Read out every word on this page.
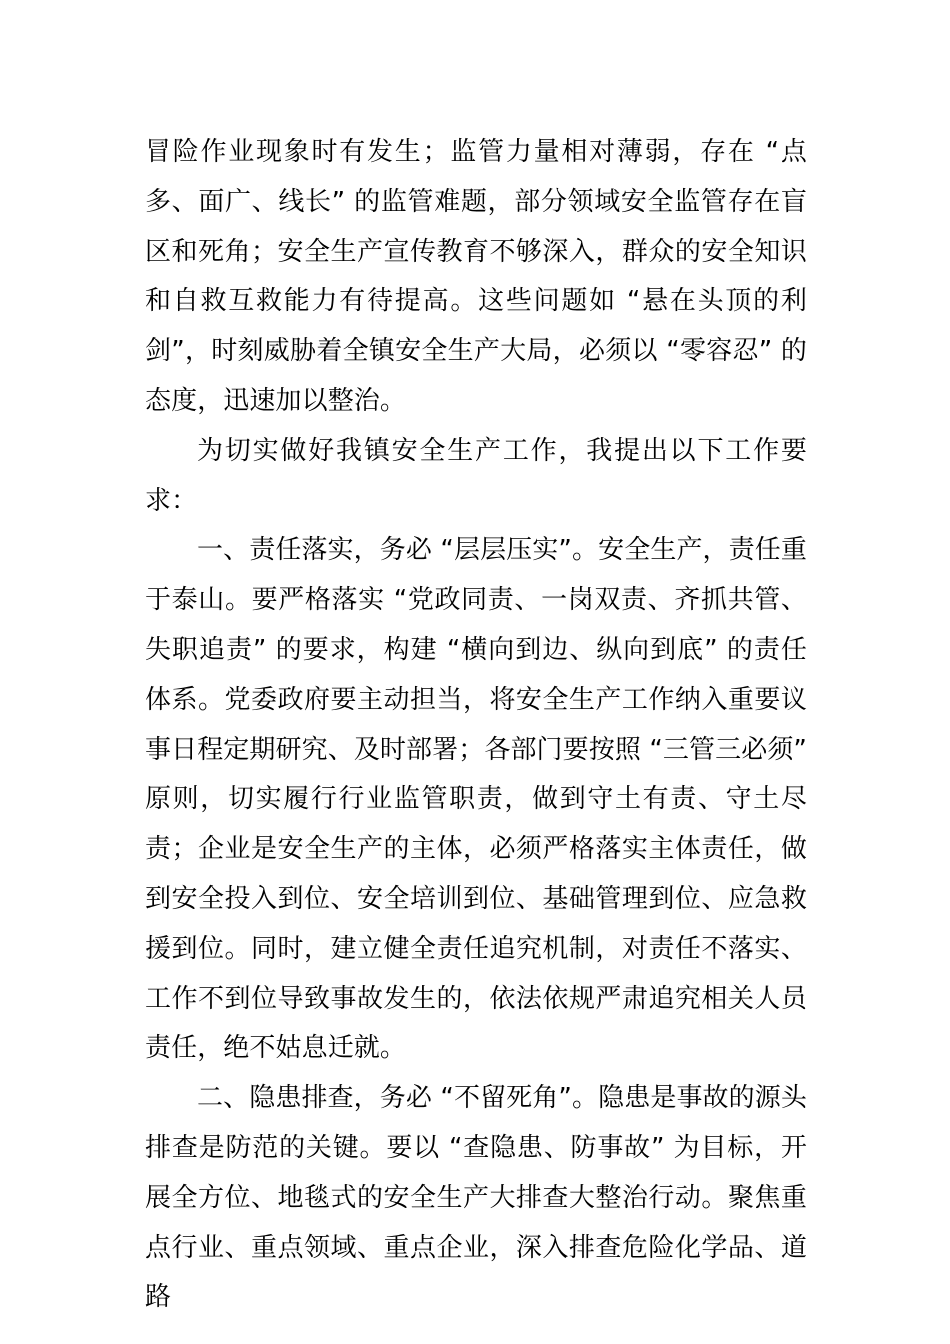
冒险作业现象时有发生；监管力量相对薄弱，存在 “点多、面广、线长” 的监管难题，部分领域安全监管存在盲区和死角；安全生产宣传教育不够深入，群众的安全知识和自救互救能力有待提高。这些问题如 “悬在头顶的利剑”，时刻威胁着全镇安全生产大局，必须以 “零容忍” 的态度，迅速加以整治。

为切实做好我镇安全生产工作，我提出以下工作要求：

一、责任落实，务必 “层层压实”。安全生产，责任重于泰山。要严格落实 “党政同责、一岗双责、齐抓共管、失职追责” 的要求，构建 “横向到边、纵向到底” 的责任体系。党委政府要主动担当，将安全生产工作纳入重要议事日程定期研究、及时部署；各部门要按照 “三管三必须” 原则，切实履行行业监管职责，做到守土有责、守土尽责；企业是安全生产的主体，必须严格落实主体责任，做到安全投入到位、安全培训到位、基础管理到位、应急救援到位。同时，建立健全责任追究机制，对责任不落实、工作不到位导致事故发生的，依法依规严肃追究相关人员责任，绝不姑息迁就。

二、隐患排查，务必 “不留死角”。隐患是事故的源头排查是防范的关键。要以 “查隐患、防事故” 为目标，开展全方位、地毯式的安全生产大排查大整治行动。聚焦重点行业、重点领域、重点企业，深入排查危险化学品、道路
